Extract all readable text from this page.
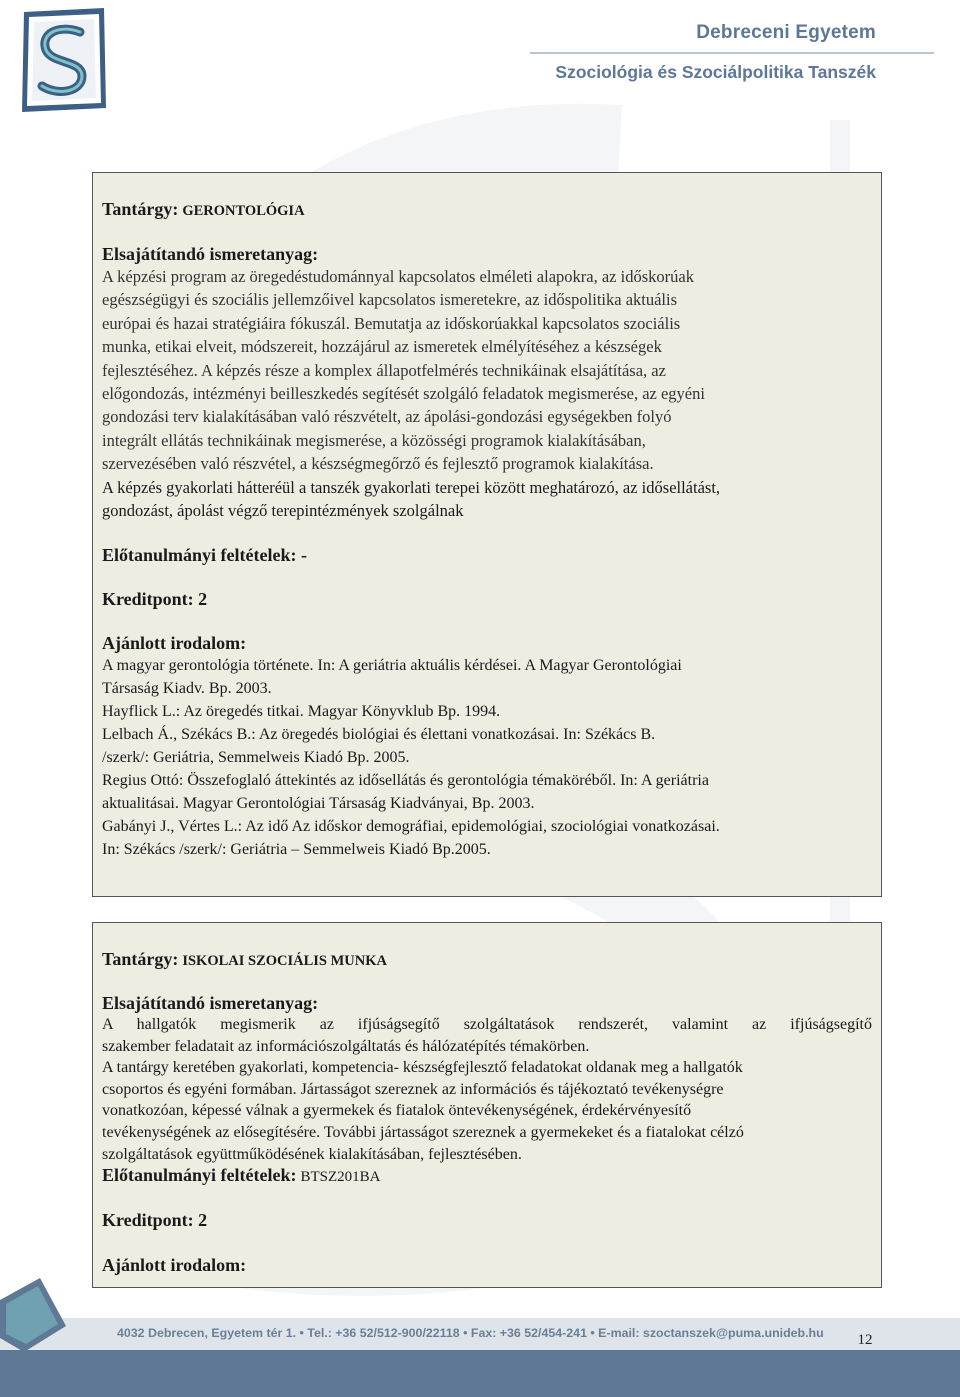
Debreceni Egyetem
Szociológia és Szociálpolitika Tanszék
Tantárgy: GERONTOLÓGIA
Elsajátítandó ismeretanyag:
A képzési program az öregedéstudománnyal kapcsolatos elméleti alapokra, az időskorúak
egészségügyi és szociális jellemzőivel kapcsolatos ismeretekre, az időspolitika aktuális
európai és hazai stratégiáira fókuszál. Bemutatja az időskorúakkal kapcsolatos szociális
munka, etikai elveit, módszereit, hozzájárul az ismeretek elmélyítéséhez a készségek
fejlesztéséhez. A képzés része a komplex állapotfelmérés technikáinak elsajátítása, az
előgondozás, intézményi beilleszkedés segítését szolgáló feladatok megismerése, az egyéni
gondozási terv kialakításában való részvételt, az ápolási-gondozási egységekben folyó
integrált ellátás technikáinak megismerése, a közösségi programok kialakításában,
szervezésében való részvétel, a készségmegőrző és fejlesztő programok kialakítása.
A képzés gyakorlati hátteréül a tanszék gyakorlati terepei között meghatározó, az idősellátást,
gondozást, ápolást végző terepintézmények szolgálnak
Előtanulmányi feltételek: -
Kreditpont: 2
Ajánlott irodalom:
A magyar gerontológia története. In: A geriátria aktuális kérdései. A Magyar Gerontológiai
Társaság Kiadv. Bp. 2003.
Hayflick L.: Az öregedés titkai. Magyar Könyvklub Bp. 1994.
Lelbach Á., Székács B.: Az öregedés biológiai és élettani vonatkozásai. In: Székács B.
/szerk/: Geriátria, Semmelweis Kiadó Bp. 2005.
Regius Ottó: Összefoglaló áttekintés az idősellátás és gerontológia témaköréből. In: A geriátria
aktualitásai. Magyar Gerontológiai Társaság Kiadványai, Bp. 2003.
Gabányi J., Vértes L.: Az idő Az időskor demográfiai, epidemológiai, szociológiai vonatkozásai.
In: Székács /szerk/: Geriátria – Semmelweis Kiadó Bp.2005.
Tantárgy: ISKOLAI SZOCIÁLIS MUNKA
Elsajátítandó ismeretanyag:
A hallgatók megismerik az ifjúságsegítő szolgáltatások rendszerét, valamint az ifjúságsegítő
szakember feladatait az információszolgáltatás és hálózatépítés témakörben.
A tantárgy keretében gyakorlati, kompetencia- készségfejlesztő feladatokat oldanak meg a hallgatók
csoportos és egyéni formában. Jártasságot szereznek az információs és tájékoztató tevékenységre
vonatkozóan, képessé válnak a gyermekek és fiatalok öntevékenységének, érdekérvényesítő
tevékenységének az elősegítésére. További jártasságot szereznek a gyermekeket és a fiatalokat célzó
szolgáltatások együttműködésének kialakításában, fejlesztésében.
Előtanulmányi feltételek: BTSZ201BA
Kreditpont: 2
Ajánlott irodalom:
4032 Debrecen, Egyetem tér 1. • Tel.: +36 52/512-900/22118 • Fax: +36 52/454-241 • E-mail: szoctanszek@puma.unideb.hu	12
